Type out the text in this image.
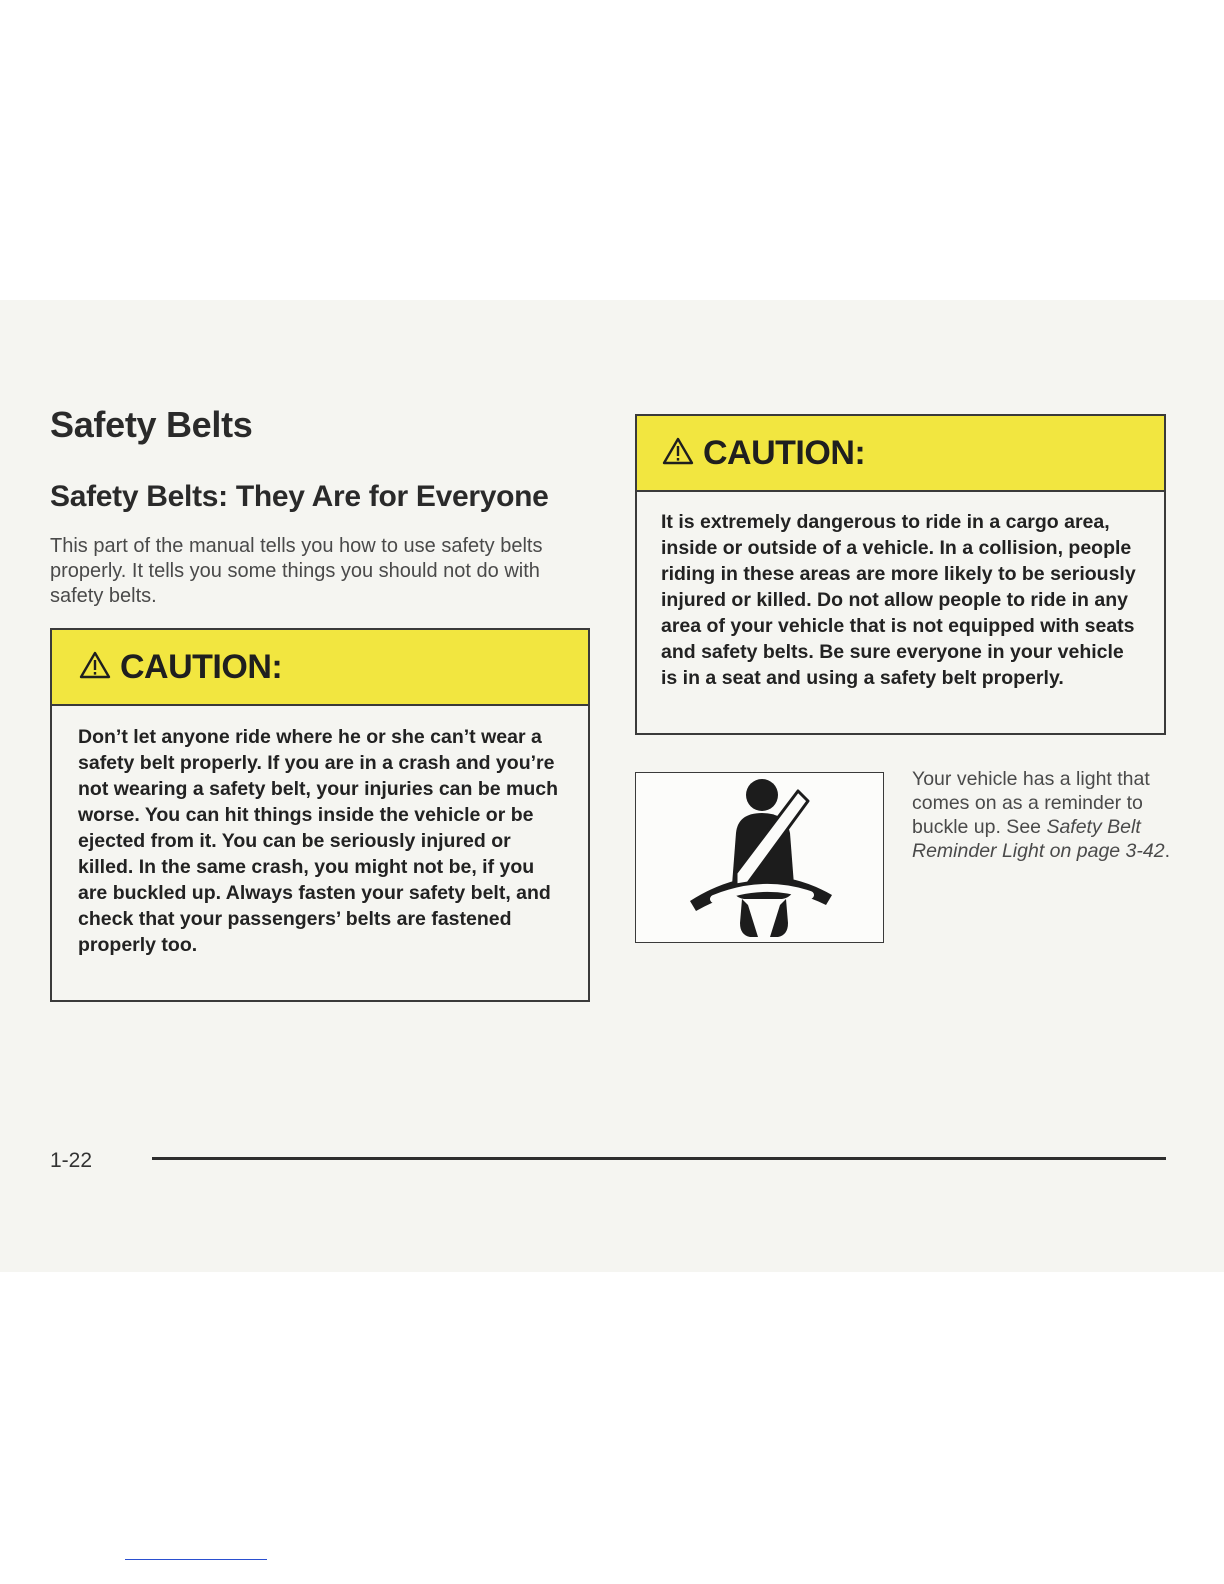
Safety Belts
Safety Belts: They Are for Everyone

This part of the manual tells you how to use safety belts properly. It tells you some things you should not do with safety belts.

CAUTION:

Don’t let anyone ride where he or she can’t wear a safety belt properly. If you are in a crash and you’re not wearing a safety belt, your injuries can be much worse. You can hit things inside the vehicle or be ejected from it. You can be seriously injured or killed. In the same crash, you might not be, if you are buckled up. Always fasten your safety belt, and check that your passengers’ belts are fastened properly too.

CAUTION:

It is extremely dangerous to ride in a cargo area, inside or outside of a vehicle. In a collision, people riding in these areas are more likely to be seriously injured or killed. Do not allow people to ride in any area of your vehicle that is not equipped with seats and safety belts. Be sure everyone in your vehicle is in a seat and using a safety belt properly.

Your vehicle has a light that comes on as a reminder to buckle up. See Safety Belt Reminder Light on page 3-42.

1-22
